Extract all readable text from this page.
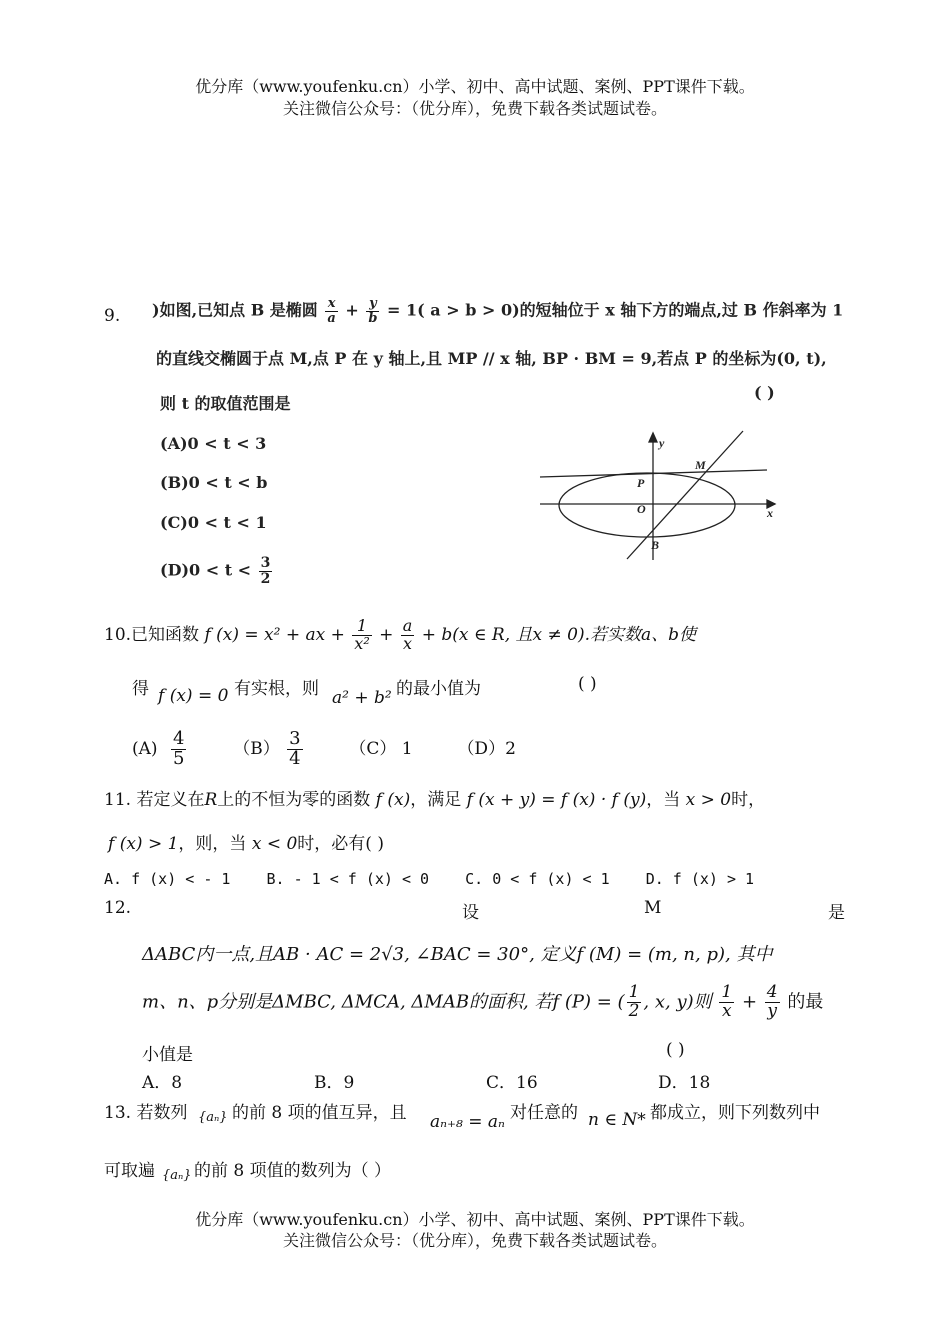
优分库（www.youfenku.cn）小学、初中、高中试题、案例、PPT课件下载。
关注微信公众号：（优分库），免费下载各类试题试卷。
9. )如图,已知点 B 是椭圆 $\frac{x}{a} + \frac{y}{b} = 1$( a > b > 0)的短轴位于 x 轴下方的端点,过 B 作斜率为 1
的直线交椭圆于点 M,点 P 在 y 轴上,且 MP // x 轴, BP · BM = 9,若点 P 的坐标为(0, t),
则 t 的取值范围是
( )
(A)0 < t < 3
(B)0 < t < b
(C)0 < t < 1
$(D)0 < t < \frac{3}{2}$
y
x
M
P
O
B
10.已知函数 f (x) = x² + ax + $\frac{1}{\text{x²}} + \frac{a}{x} + b(x$ ∈ R, 且x ≠ 0).若实数a、b使
得 f (x) = 0 有实根，则 a² + b² 的最小值为	( )
$(A) \frac{4}{5}$	$(B) \frac{3}{4}$	（C） 1	（D）2
11. 若定义在R上的不恒为零的函数 f (x)，满足 f (x + y) = f (x) · f (y)，当 x > 0时，
f (x) > 1，则，当 x < 0时，必有( )
A. f (x) < - 1 B. - 1 < f (x) < 0 C. 0 < f (x) < 1 D. f (x) > 1
12.	设	M	是
ΔABC内一点,且AB · AC = 2√3, ∠BAC = 30°, 定义f (M) = (m, n, p), 其中
m、n、p分别是ΔMBC, ΔMCA, ΔMAB的面积, 若f (P) = ( $\frac{1}{2}$ , x, y)则 $\frac{1}{x} + \frac{4}{y}$ 的最
小值是	( )
A．8	B．9	C．16	D．18
13. 若数列 {aₙ} 的前 8 项的值互异，且 aₙ₊₈ = aₙ 对任意的 n ∈ N* 都成立，则下列数列中
可取遍 {aₙ} 的前 8 项值的数列为（ ）
优分库（www.youfenku.cn）小学、初中、高中试题、案例、PPT课件下载。
关注微信公众号：（优分库），免费下载各类试题试卷。
